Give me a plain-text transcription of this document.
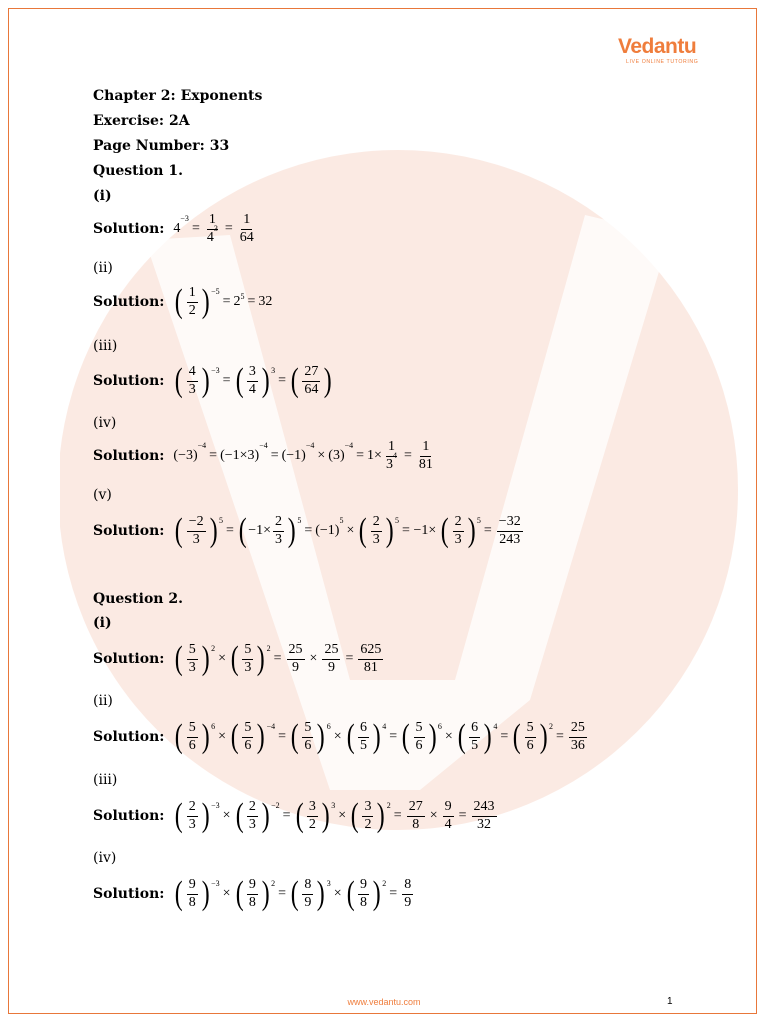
Vedantu
LIVE ONLINE TUTORING
Chapter 2: Exponents
Exercise: 2A
Page Number: 33
Question 1.
(i)
Solution: 4
−3
= $\frac{1}{43} = \frac{1}{64}$
(ii)
Solution: ( $\frac{1}{2}$ ) −5
= 2 5 = 32
(iii)
Solution: ( $\frac{4}{3}$ ) −3
= ( $\frac{3}{4}$ ) 3
= ( $\frac{27}{64}$ )
(iv)
Solution: (−3)
−4
= (−1×3)
−4
= (−1)
−4
× (3)
−4
= $1\times \frac{1}{34} = \frac{1}{81}$
(v)
Solution: ( $\frac{-2}{3}$ ) 5
= ( $-1\times \frac{2}{3}$ ) 5
= (−1)
5
× ( $\frac{2}{3}$ ) 5
= −1× ( $\frac{2}{3}$ ) 5
= $\frac{-32}{243}$
Question 2.
(i)
Solution: ( $\frac{5}{3}$ ) 2
× ( $\frac{5}{3}$ ) 2
= $\frac{25}{9} \times \frac{25}{9} = \frac{625}{81}$
(ii)
Solution: ( $\frac{5}{6}$ ) 6
× ( $\frac{5}{6}$ ) −4
= ( $\frac{5}{6}$ ) 6
× ( $\frac{6}{5}$ ) 4
= ( $\frac{5}{6}$ ) 6
× ( $\frac{6}{5}$ ) 4
= ( $\frac{5}{6}$ ) 2
= $\frac{25}{36}$
(iii)
Solution: ( $\frac{2}{3}$ ) −3
× ( $\frac{2}{3}$ ) −2
= ( $\frac{3}{2}$ ) 3
× ( $\frac{3}{2}$ ) 2
= $\frac{27}{8} \times \frac{9}{4} = \frac{243}{32}$
(iv)
Solution: ( $\frac{9}{8}$ ) −3
× ( $\frac{9}{8}$ ) 2
= ( $\frac{8}{9}$ ) 3
× ( $\frac{9}{8}$ ) 2
= $\frac{8}{9}$
www.vedantu.com	1
